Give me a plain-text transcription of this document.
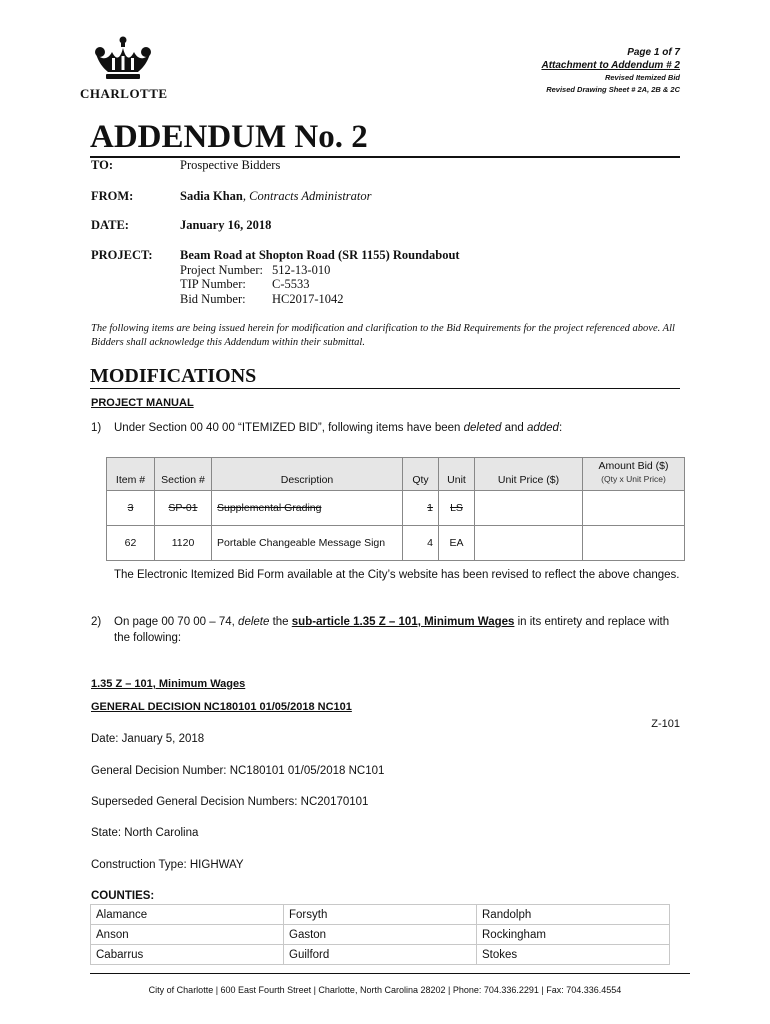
CHARLOTTE
Page 1 of 7
Attachment to Addendum # 2
Revised Itemized Bid
Revised Drawing Sheet # 2A, 2B & 2C
ADDENDUM No. 2
TO:	Prospective Bidders
FROM:	Sadia Khan, Contracts Administrator
DATE:	January 16, 2018
PROJECT: Beam Road at Shopton Road (SR 1155) Roundabout
Project Number: 512-13-010
TIP Number: C-5533
Bid Number: HC2017-1042
The following items are being issued herein for modification and clarification to the Bid Requirements for the project referenced above. All Bidders shall acknowledge this Addendum within their submittal.
MODIFICATIONS
PROJECT MANUAL
1) Under Section 00 40 00 “ITEMIZED BID”, following items have been deleted and added:
Item #	Section #	Description	Qty	Unit	Unit Price ($)	Amount Bid ($)
(Qty x Unit Price)

3	SP-01	Supplemental Grading	1	LS		
62	1120	Portable Changeable Message Sign	4	EA		
The Electronic Itemized Bid Form available at the City’s website has been revised to reflect the above changes.
2) On page 00 70 00 – 74, delete the sub-article 1.35 Z – 101, Minimum Wages in its entirety and replace with
the following:
1.35 Z – 101, Minimum Wages
GENERAL DECISION NC180101 01/05/2018 NC101
Z-101
Date: January 5, 2018
General Decision Number: NC180101 01/05/2018 NC101
Superseded General Decision Numbers: NC20170101
State: North Carolina
Construction Type: HIGHWAY
COUNTIES:
Alamance	Forsyth	Randolph
Anson	Gaston	Rockingham
Cabarrus	Guilford	Stokes
City of Charlotte | 600 East Fourth Street | Charlotte, North Carolina 28202 | Phone: 704.336.2291 | Fax: 704.336.4554
